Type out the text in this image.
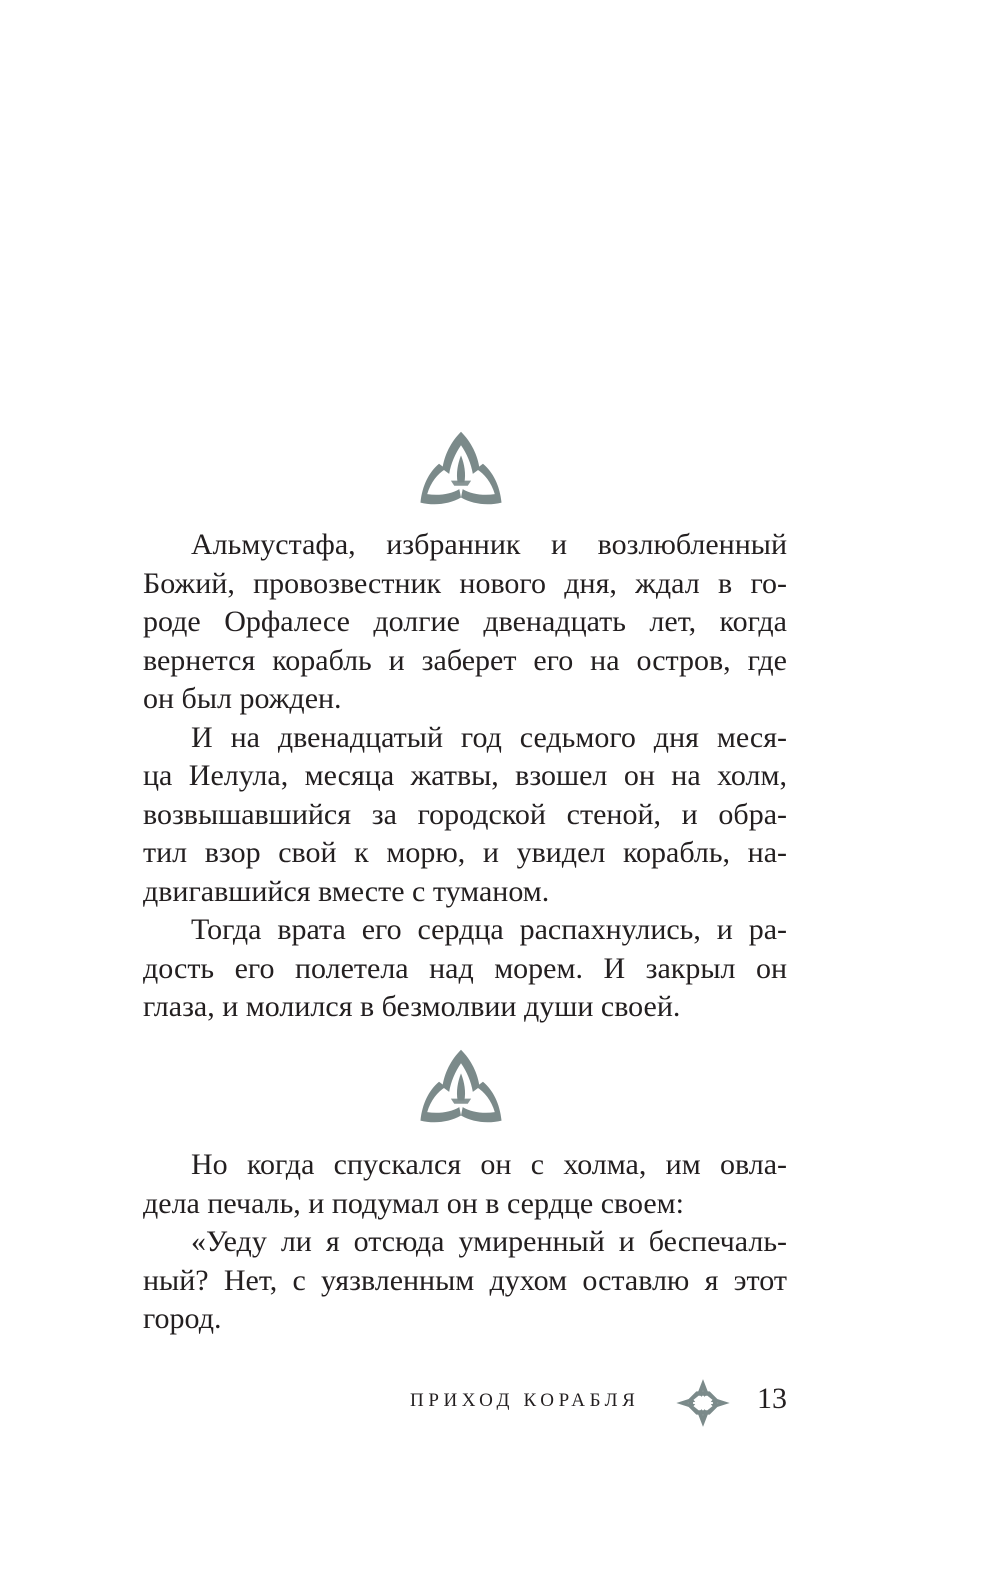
Альмустафа, избранник и возлюбленный
Божий, провозвестник нового дня, ждал в го-
роде Орфалесе долгие двенадцать лет, когда
вернется корабль и заберет его на остров, где
он был рожден.
И на двенадцатый год седьмого дня меся-
ца Иелула, месяца жатвы, взошел он на холм,
возвышавшийся за городской стеной, и обра-
тил взор свой к морю, и увидел корабль, на-
двигавшийся вместе с туманом.
Тогда врата его сердца распахнулись, и ра-
дость его полетела над морем. И закрыл он
глаза, и молился в безмолвии души своей.
Но когда спускался он с холма, им овла-
дела печаль, и подумал он в сердце своем:
«Уеду ли я отсюда умиренный и беспечаль-
ный? Нет, с уязвленным духом оставлю я этот
город.
ПРИХОД КОРАБЛЯ	13
